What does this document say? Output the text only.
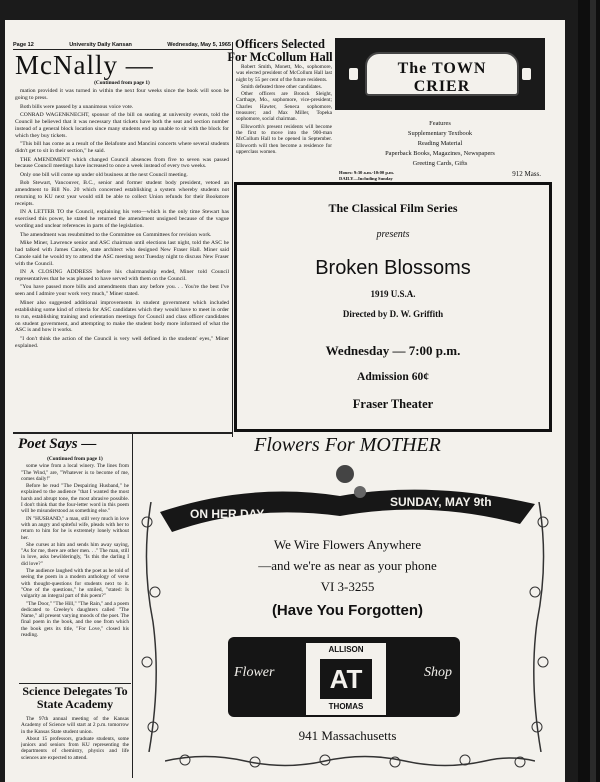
Page 12	University Daily Kansan	Wednesday, May 5, 1965
McNally —

(Continued from page 1)

mation provided it was turned in within the next four weeks since the book will soon be going to press.

Both bills were passed by a unanimous voice vote.

CONRAD WAGENKNECHT, sponsor of the bill on seating at university events, told the Council he believed that it was necessary that tickets have both the seat and section number instead of a general block location since many students end up unable to sit with the block for which they buy tickets.

"This bill has come as a result of the Belafonte and Mancini concerts where several students didn't get to sit in their section," he said.

THE AMENDMENT which changed Council absences from five to seven was passed because Council meetings have increased to once a week instead of every two weeks.

Only one bill will come up under old business at the next Council meeting.

Bob Stewart, Vancouver, B.C., senior and former student body president, vetoed an amendment to Bill No. 20 which concerned establishing a system whereby students not returning to KU next year would still be able to collect Union refunds for their Bookstore receipts.

IN A LETTER TO the Council, explaining his veto—which is the only time Stewart has exercised this power, he stated he returned the amendment unsigned because of the vague wording and unclear references in parts of the legislation.

The amendment was resubmitted to the Committee on Committees for revision work.

Mike Miner, Lawrence senior and ASC chairman until elections last night, told the ASC he had talked with James Canole, state architect who designed New Fraser Hall. Miner said Canole said he would try to attend the ASC meeting next Tuesday night to discuss New Fraser with the Council.

IN A CLOSING ADDRESS before his chairmanship ended, Miner told Council representatives that he was pleased to have served with them on the Council.

"You have passed more bills and amendments than any before you. . . You're the best I've seen and I admire your work very much," Miner stated.

Miner also suggested additional improvements in student government which included establishing some kind of criteria for ASC candidates which they would have to meet in order to run, establishing training and orientation meetings for Council and class officer candidates on student government, and attempting to make the student body more informed of what the ASC is and how it works.

"I don't think the action of the Council is very well defined in the students' eyes," Miner explained.

Officers Selected For McCollum Hall

Robert Smith, Monett, Mo., sophomore, was elected president of McCollum Hall last night by 55 per cent of the future residents.

Smith defeated three other candidates.

Other officers are Bronck Sleight, Carthage, Mo., sophomore, vice-president; Charles Hawter, Seneca sophomore, treasurer; and Max Miller, Topeka sophomore, social chairman.

Ellsworth's present residents will become the first to move into the 900-man McCollum Hall to be opened in September. Ellsworth will then become a residence for upperclass women.

The TOWN CRIER
Features
Supplementary Textbook
Reading Material
Paperback Books, Magazines, Newspapers
Greeting Cards, Gifts
Hours: 9:30 a.m.-10:00 p.m.
DAILY—Including Sunday
912 Mass.
The Classical Film Series
presents
Broken Blossoms
1919 U.S.A.
Directed by D. W. Griffith
Wednesday — 7:00 p.m.
Admission 60¢
Fraser Theater
Poet Says —

(Continued from page 1)

some wine from a local winery. The lines from "The Wind," are, "Whatever is to become of me, comes daily!"

Before he read "The Despairing Husband," he explained to the audience "that I wanted the most harsh and abrupt tone, the most abrasive possible. I don't think that the four-letter word in this poem will be misunderstood as something else."

IN "HUSBAND," a man, still very much in love with an angry and spiteful wife, pleads with her to return to him for he is extremely lonely without her.

She curses at him and sends him away saying, "As for me, there are other men. . ." The man, still in love, asks bewilderingly, "Is this the darling I did love?"

The audience laughed with the poet as he told of seeing the poem in a modern anthology of verse with thought-questions for students next to it. "One of the questions," he smiled, "stated: Is vulgarity an integral part of this poem?"

"The Door," "The Hill," "The Rain," and a poem dedicated to Creeley's daughters called "The Name," all present varying moods of the poet. The final poem in the book, and the one from which the book gets its title, "For Love," closed his reading.

Science Delegates To State Academy

The 97th annual meeting of the Kansas Academy of Science will start at 2 p.m. tomorrow in the Kansas State student union.

About 15 professors, graduate students, some juniors and seniors from KU representing the departments of chemistry, physics and life sciences are expected to attend.

Flowers For MOTHER
ON HER DAY
SUNDAY, MAY 9th
We Wire Flowers Anywhere
—and we're as near as your phone
VI 3-3255
(Have You Forgotten)
Flower	Shop
ALLISON
AT
THOMAS
941 Massachusetts
